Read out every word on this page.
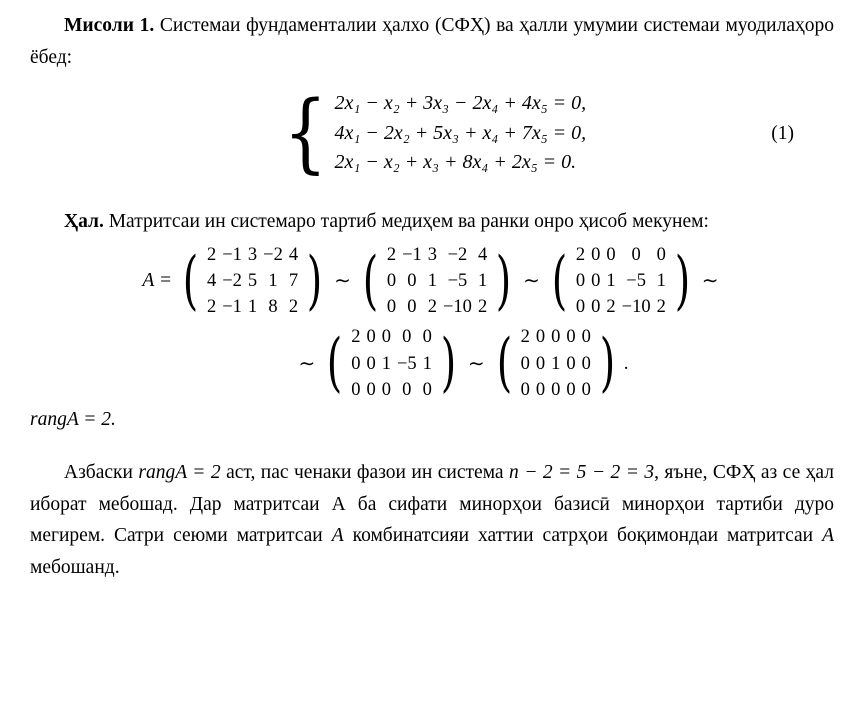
Мисоли 1. Системаи фундаменталии ҳалхо (СФҲ) ва ҳалли умумии системаи муодилаҳоро ёбед:

{ 2x₁ − x₂ + 3x₃ − 2x₄ + 4x₅ = 0,
4x₁ − 2x₂ + 5x₃ + x₄ + 7x₅ = 0,
2x₁ − x₂ + x₃ + 8x₄ + 2x₅ = 0.
(1)

Ҳал. Матритсаи ин системаро тартиб медиҳем ва ранки онро ҳисоб мекунем:

A = ( 2 −1 3 −2 4
4 −2 5 1 7
2 −1 1 8 2 ) ∼ ( 2 −1 3 −2 4
0 0 1 −5 1
0 0 2 −10 2 ) ∼ ( 2 0 0 0 0
0 0 1 −5 1
0 0 2 −10 2 ) ∼
∼ ( 2 0 0 0 0
0 0 1 −5 1
0 0 0 0 0 ) ∼ ( 2 0 0 0 0
0 0 1 0 0
0 0 0 0 0 ) .
rangA = 2.

Азбаски rangA = 2 аст, пас ченаки фазои ин система n − 2 = 5 − 2 = 3, яъне, СФҲ аз се ҳал иборат мебошад. Дар матритсаи А ба сифати минорҳои базисӣ минорҳои тартиби дуро мегирем. Сатри сеюми матритсаи A комбинатсияи хаттии сатрҳои боқимондаи матритсаи A мебошанд.
